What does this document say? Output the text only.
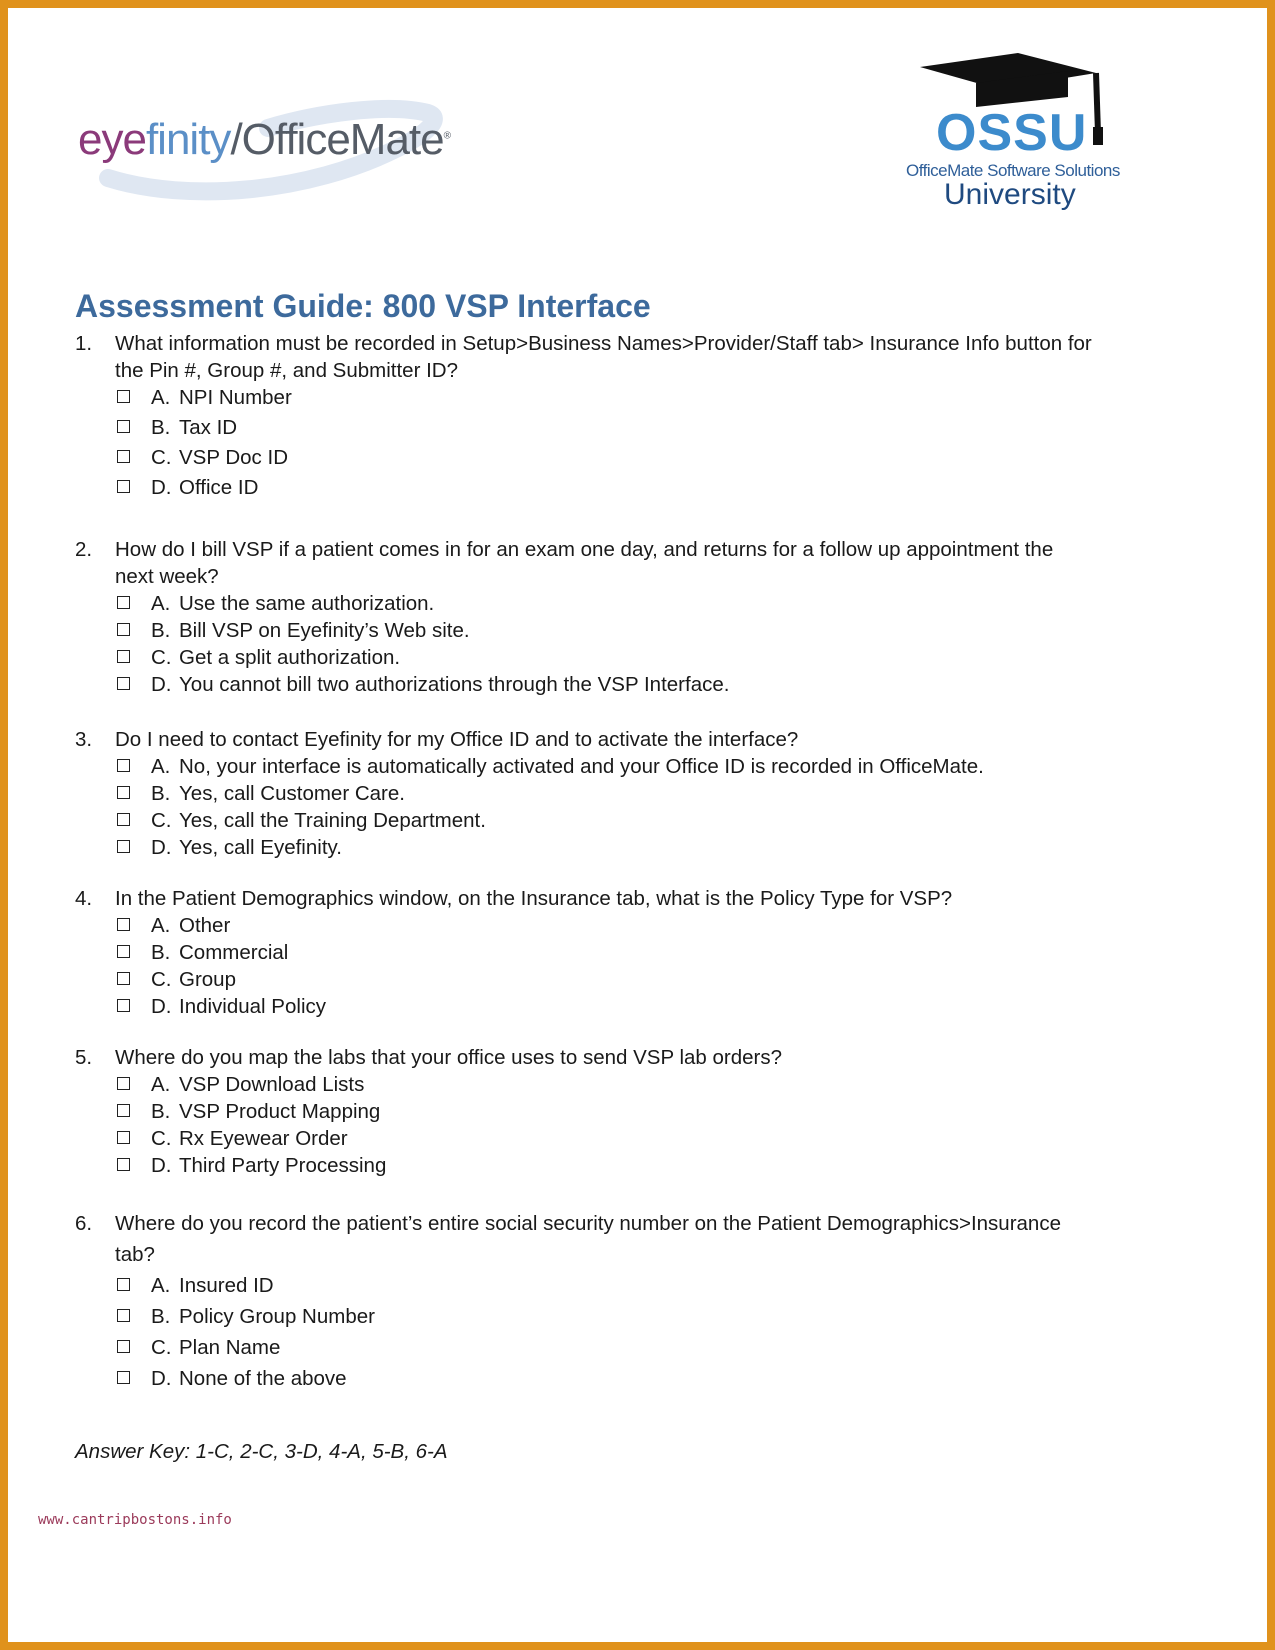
eyefinity/OfficeMate®	OSSU
OfficeMate Software Solutions
University
Assessment Guide: 800 VSP Interface
1. What information must be recorded in Setup>Business Names>Provider/Staff tab> Insurance Info button for the Pin #, Group #, and Submitter ID?
A. NPI Number
B. Tax ID
C. VSP Doc ID
D. Office ID
2. How do I bill VSP if a patient comes in for an exam one day, and returns for a follow up appointment the next week?
A. Use the same authorization.
B. Bill VSP on Eyefinity’s Web site.
C. Get a split authorization.
D. You cannot bill two authorizations through the VSP Interface.
3. Do I need to contact Eyefinity for my Office ID and to activate the interface?
A. No, your interface is automatically activated and your Office ID is recorded in OfficeMate.
B. Yes, call Customer Care.
C. Yes, call the Training Department.
D. Yes, call Eyefinity.
4. In the Patient Demographics window, on the Insurance tab, what is the Policy Type for VSP?
A. Other
B. Commercial
C. Group
D. Individual Policy
5. Where do you map the labs that your office uses to send VSP lab orders?
A. VSP Download Lists
B. VSP Product Mapping
C. Rx Eyewear Order
D. Third Party Processing
6. Where do you record the patient’s entire social security number on the Patient Demographics>Insurance tab?
A. Insured ID
B. Policy Group Number
C. Plan Name
D. None of the above
Answer Key: 1-C, 2-C, 3-D, 4-A, 5-B, 6-A
www.cantripbostons.info
